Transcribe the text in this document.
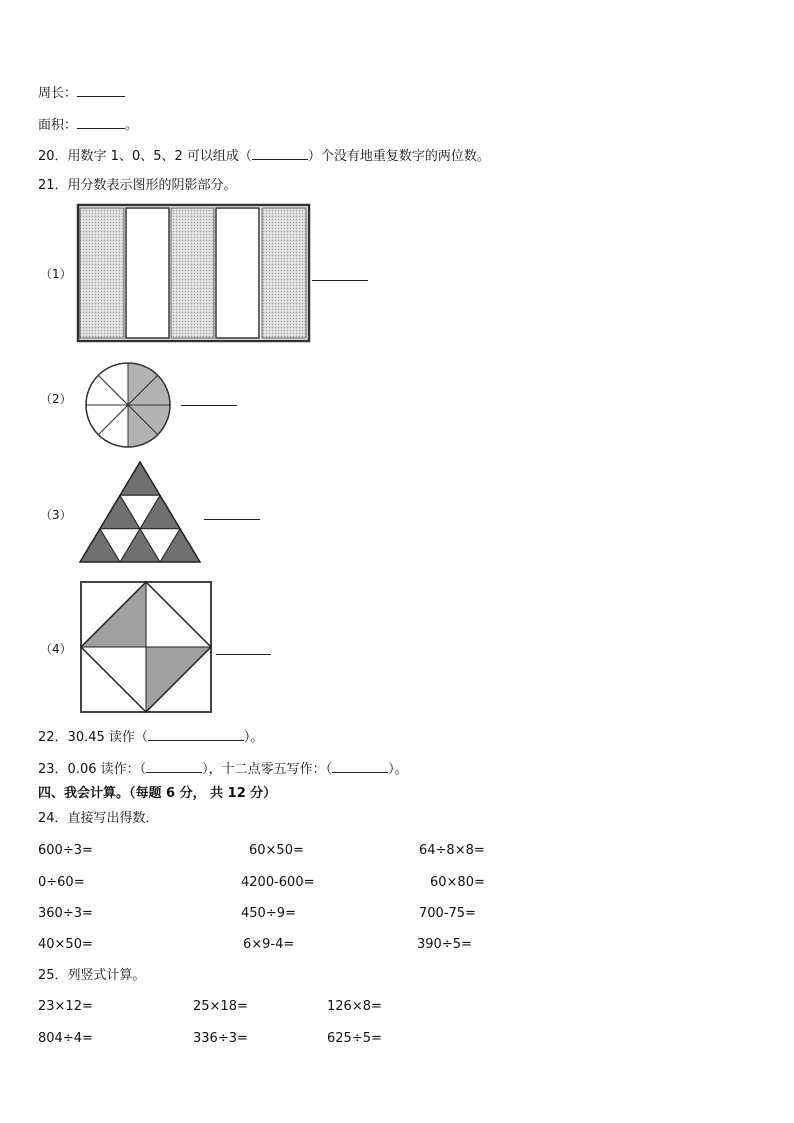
周长：
面积：	。
20．用数字 1、0、5、2 可以组成（	）个没有地重复数字的两位数。
21．用分数表示图形的阴影部分。
（1）
（2）
（3）
（4）
22．30.45 读作（	）。
23．0.06 读作：（	），十二点零五写作：（	）。
四、我会计算。（每题 6 分， 共 12 分）
24．直接写出得数．
600÷3=	60×50=	64÷8×8=
0÷60=	4200-600=	60×80=
360÷3=	450÷9=	700-75=
40×50=	6×9-4=	390÷5=
25．列竖式计算。
23×12=	25×18=	126×8=
804÷4=	336÷3=	625÷5=
